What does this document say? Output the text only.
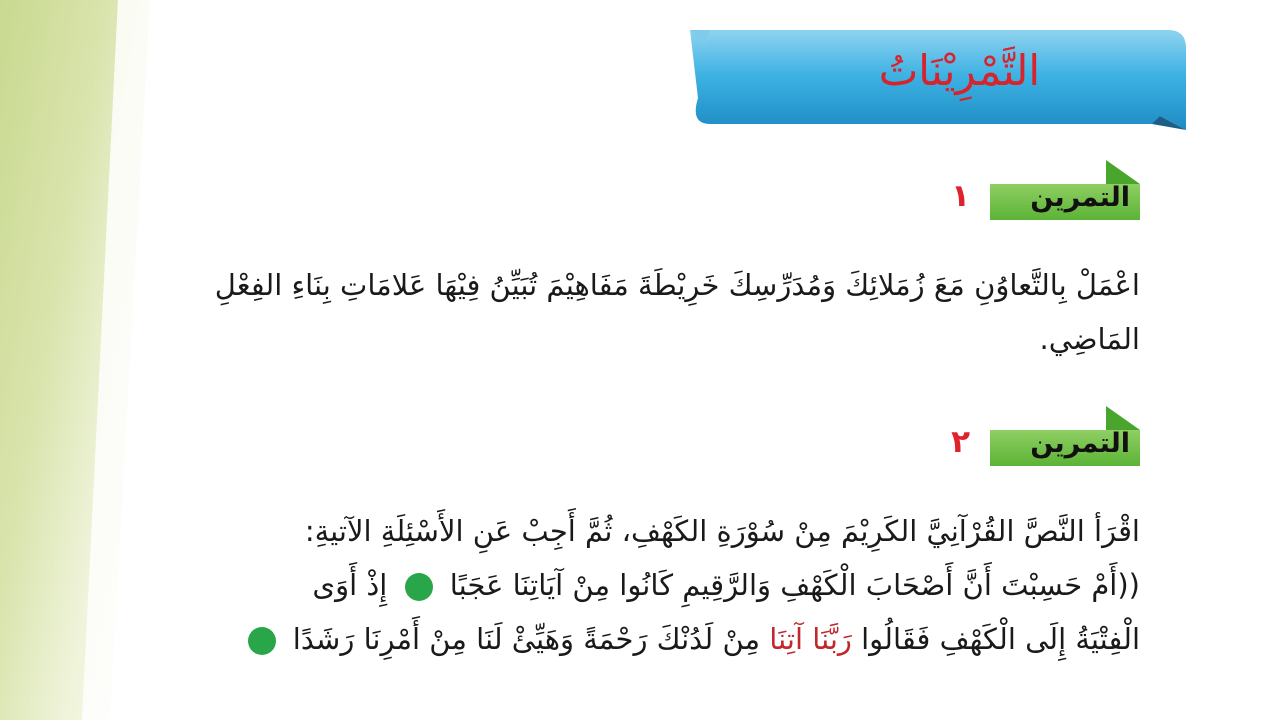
التَّمْرِيْنَاتُ
التمرين
١
اعْمَلْ بِالتَّعاوُنِ مَعَ زُمَلائِكَ وَمُدَرِّسِكَ خَرِيْطَةَ مَفَاهِيْمَ تُبَيِّنُ فِيْهَا عَلامَاتِ بِنَاءِ الفِعْلِ المَاضِي.
التمرين
٢
اقْرَأ النَّصَّ القُرْآنِيَّ الكَرِيْمَ مِنْ سُوْرَةِ الكَهْفِ، ثُمَّ أَجِبْ عَنِ الأَسْئِلَةِ الآتيةِ:
((أَمْ حَسِبْتَ أَنَّ أَصْحَابَ الْكَهْفِ وَالرَّقِيمِ كَانُوا مِنْ آيَاتِنَا عَجَبًا  إِذْ أَوَى
الْفِتْيَةُ إِلَى الْكَهْفِ فَقَالُوا رَبَّنَا آتِنَا مِنْ لَدُنْكَ رَحْمَةً وَهَيِّئْ لَنَا مِنْ أَمْرِنَا رَشَدًا
